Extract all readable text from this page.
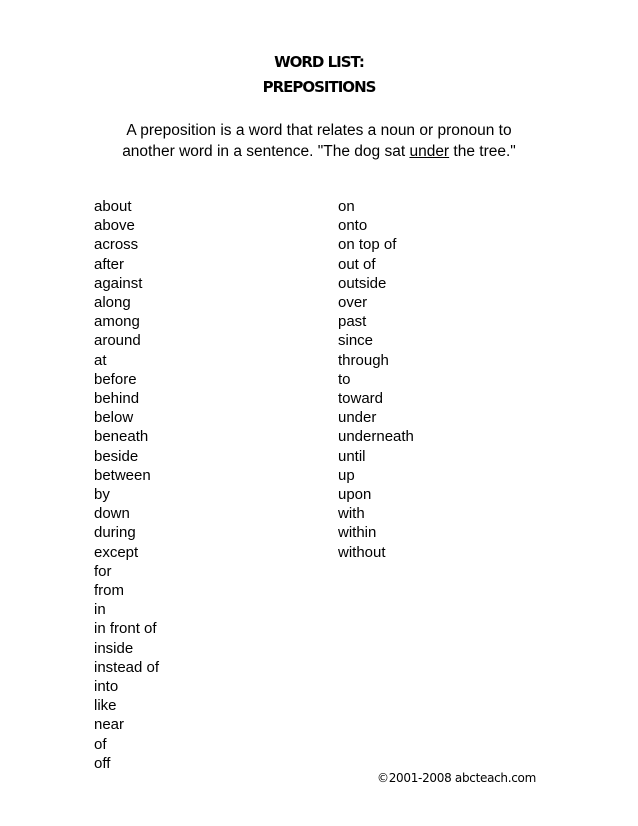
WORD LIST:
PREPOSITIONS
A preposition is a word that relates a noun or pronoun to
another word in a sentence. "The dog sat under the tree."
about
above
across
after
against
along
among
around
at
before
behind
below
beneath
beside
between
by
down
during
except
for
from
in
in front of
inside
instead of
into
like
near
of
off
on
onto
on top of
out of
outside
over
past
since
through
to
toward
under
underneath
until
up
upon
with
within
without
©2001-2008 abcteach.com
